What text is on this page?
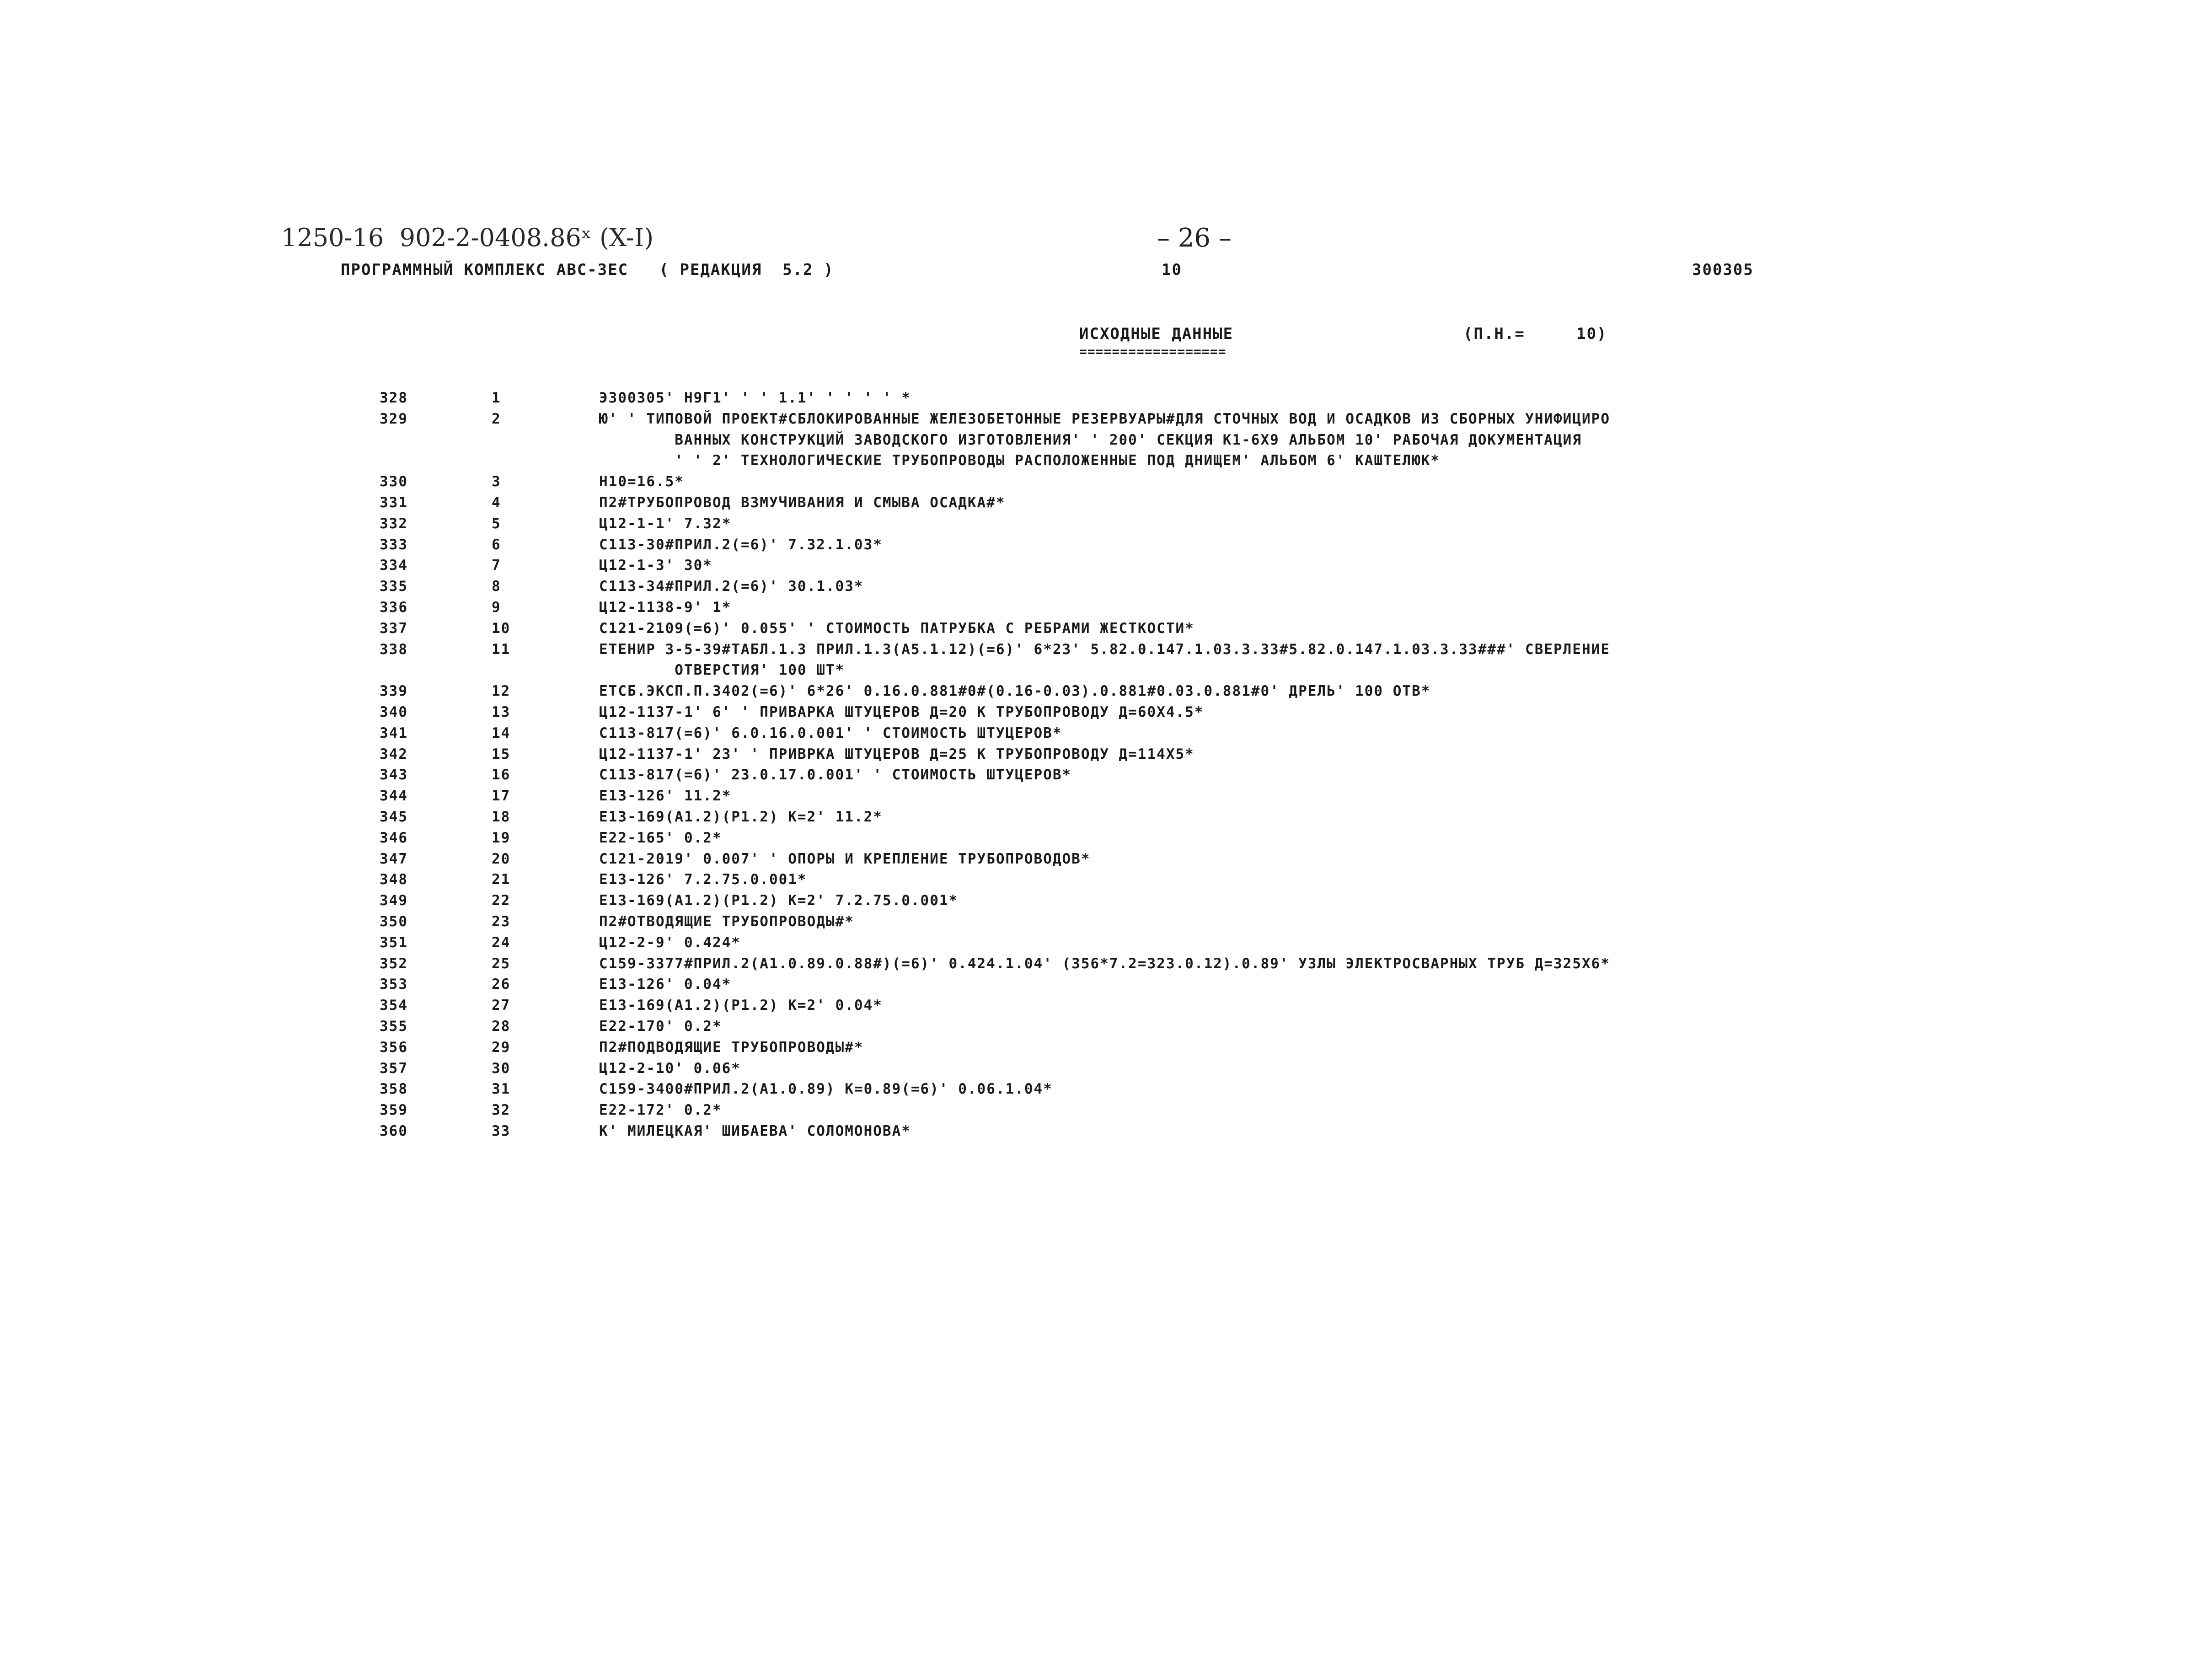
1250-16  902-2-0408.86ˣ (X-I)	– 26 –
ПРОГРАММНЫЙ КОМПЛЕКС АВС-3ЕС   ( РЕДАКЦИЯ  5.2 )	10	300305
ИСХОДНЫЕ ДАННЫЕ	(П.Н.=     10)
==================
328	1	Э300305' Н9Г1' ' ' 1.1' ' ' ' ' *
329	2	Ю' ' ТИПОВОЙ ПРОЕКТ#СБЛОКИРОВАННЫЕ ЖЕЛЕЗОБЕТОННЫЕ РЕЗЕРВУАРЫ#ДЛЯ СТОЧНЫХ ВОД И ОСАДКОВ ИЗ СБОРНЫХ УНИФИЦИРО
ВАННЫХ КОНСТРУКЦИЙ ЗАВОДСКОГО ИЗГОТОВЛЕНИЯ' ' 200' СЕКЦИЯ К1-6Х9 АЛЬБОМ 10' РАБОЧАЯ ДОКУМЕНТАЦИЯ
' ' 2' ТЕХНОЛОГИЧЕСКИЕ ТРУБОПРОВОДЫ РАСПОЛОЖЕННЫЕ ПОД ДНИЩЕМ' АЛЬБОМ 6' КАШТЕЛЮК*
330	3	Н10=16.5*
331	4	П2#ТРУБОПРОВОД ВЗМУЧИВАНИЯ И СМЫВА ОСАДКА#*
332	5	Ц12-1-1' 7.32*
333	6	С113-30#ПРИЛ.2(=6)' 7.32.1.03*
334	7	Ц12-1-3' 30*
335	8	С113-34#ПРИЛ.2(=6)' 30.1.03*
336	9	Ц12-1138-9' 1*
337	10	С121-2109(=6)' 0.055' ' СТОИМОСТЬ ПАТРУБКА С РЕБРАМИ ЖЕСТКОСТИ*
338	11	ЕТЕНИР 3-5-39#ТАБЛ.1.3 ПРИЛ.1.3(А5.1.12)(=6)' 6*23' 5.82.0.147.1.03.3.33#5.82.0.147.1.03.3.33###' СВЕРЛЕНИЕ
ОТВЕРСТИЯ' 100 ШТ*
339	12	ЕТСБ.ЭКСП.П.3402(=6)' 6*26' 0.16.0.881#0#(0.16-0.03).0.881#0.03.0.881#0' ДРЕЛЬ' 100 ОТВ*
340	13	Ц12-1137-1' 6' ' ПРИВАРКА ШТУЦЕРОВ Д=20 К ТРУБОПРОВОДУ Д=60Х4.5*
341	14	С113-817(=6)' 6.0.16.0.001' ' СТОИМОСТЬ ШТУЦЕРОВ*
342	15	Ц12-1137-1' 23' ' ПРИВРКА ШТУЦЕРОВ Д=25 К ТРУБОПРОВОДУ Д=114Х5*
343	16	С113-817(=6)' 23.0.17.0.001' ' СТОИМОСТЬ ШТУЦЕРОВ*
344	17	Е13-126' 11.2*
345	18	Е13-169(А1.2)(Р1.2) К=2' 11.2*
346	19	Е22-165' 0.2*
347	20	С121-2019' 0.007' ' ОПОРЫ И КРЕПЛЕНИЕ ТРУБОПРОВОДОВ*
348	21	Е13-126' 7.2.75.0.001*
349	22	Е13-169(А1.2)(Р1.2) К=2' 7.2.75.0.001*
350	23	П2#ОТВОДЯЩИЕ ТРУБОПРОВОДЫ#*
351	24	Ц12-2-9' 0.424*
352	25	С159-3377#ПРИЛ.2(А1.0.89.0.88#)(=6)' 0.424.1.04' (356*7.2=323.0.12).0.89' УЗЛЫ ЭЛЕКТРОСВАРНЫХ ТРУБ Д=325Х6*
353	26	Е13-126' 0.04*
354	27	Е13-169(А1.2)(Р1.2) К=2' 0.04*
355	28	Е22-170' 0.2*
356	29	П2#ПОДВОДЯЩИЕ ТРУБОПРОВОДЫ#*
357	30	Ц12-2-10' 0.06*
358	31	С159-3400#ПРИЛ.2(А1.0.89) К=0.89(=6)' 0.06.1.04*
359	32	Е22-172' 0.2*
360	33	К' МИЛЕЦКАЯ' ШИБАЕВА' СОЛОМОНОВА*
